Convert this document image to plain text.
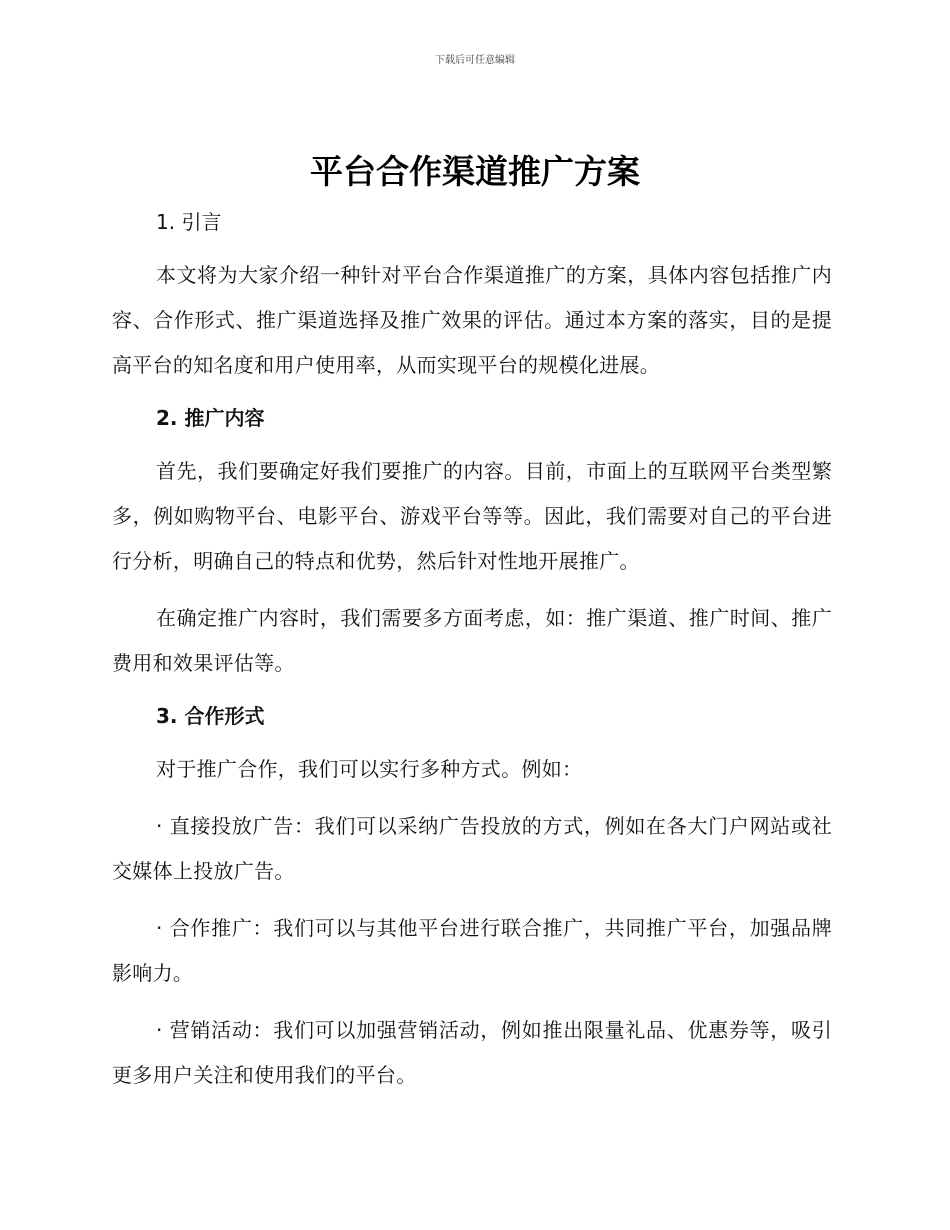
下载后可任意编辑
平台合作渠道推广方案
1. 引言

本文将为大家介绍一种针对平台合作渠道推广的方案，具体内容包括推广内容、合作形式、推广渠道选择及推广效果的评估。通过本方案的落实，目的是提高平台的知名度和用户使用率，从而实现平台的规模化进展。

2. 推广内容

首先，我们要确定好我们要推广的内容。目前，市面上的互联网平台类型繁多，例如购物平台、电影平台、游戏平台等等。因此，我们需要对自己的平台进行分析，明确自己的特点和优势，然后针对性地开展推广。

在确定推广内容时，我们需要多方面考虑，如：推广渠道、推广时间、推广费用和效果评估等。

3. 合作形式

对于推广合作，我们可以实行多种方式。例如：

· 直接投放广告：我们可以采纳广告投放的方式，例如在各大门户网站或社交媒体上投放广告。

· 合作推广：我们可以与其他平台进行联合推广，共同推广平台，加强品牌影响力。

· 营销活动：我们可以加强营销活动，例如推出限量礼品、优惠券等，吸引更多用户关注和使用我们的平台。
